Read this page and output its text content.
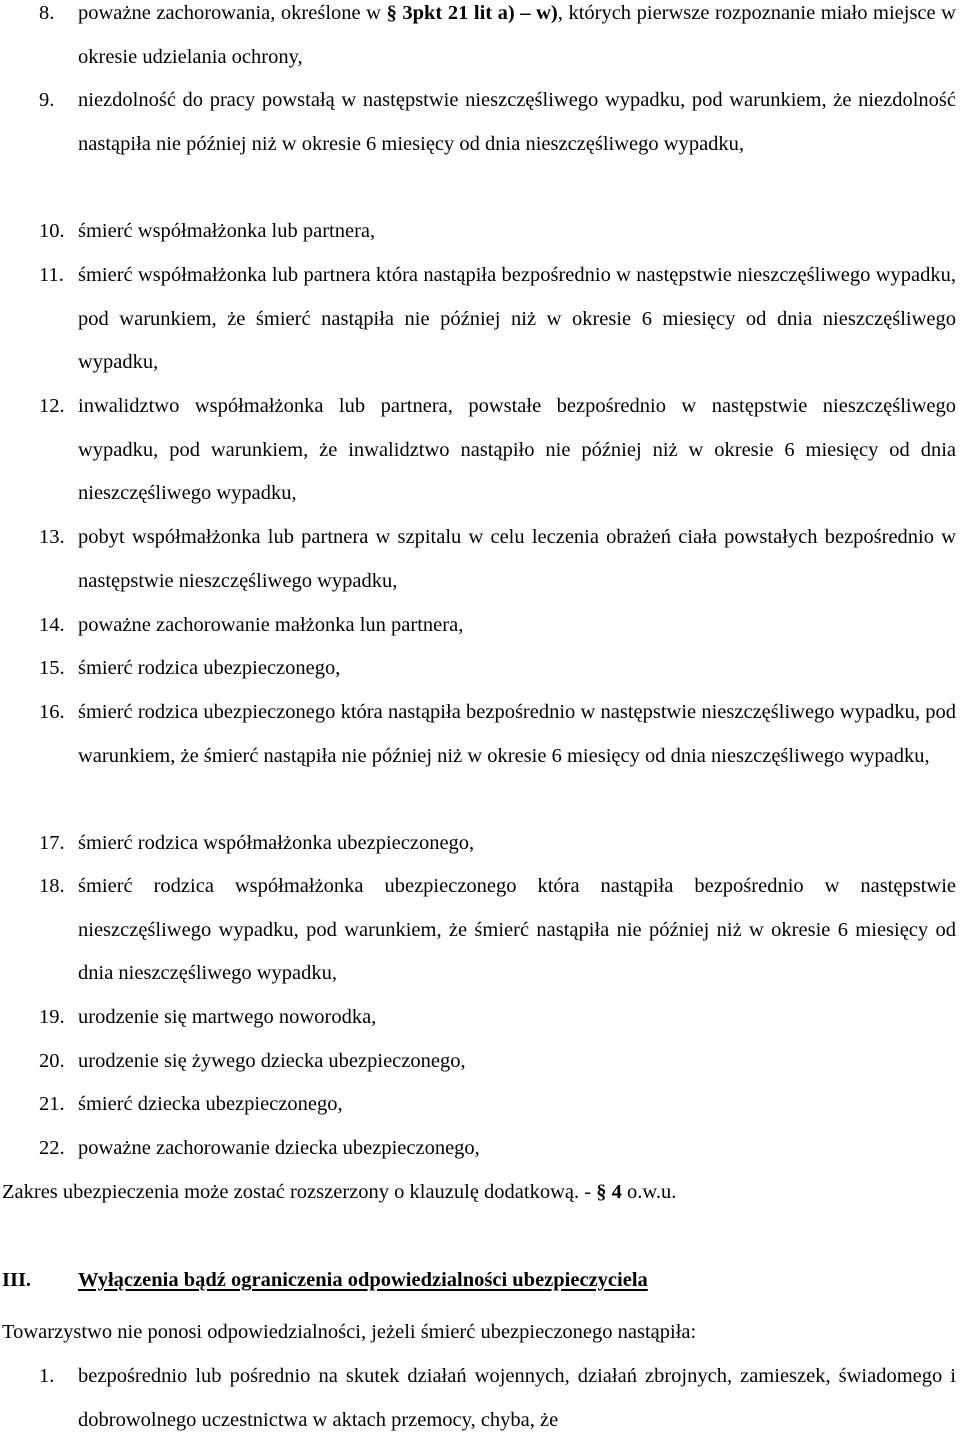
8. poważne zachorowania, określone w § 3pkt 21 lit a) – w), których pierwsze rozpoznanie miało miejsce w okresie udzielania ochrony,
9. niezdolność do pracy powstałą w następstwie nieszczęśliwego wypadku, pod warunkiem, że niezdolność nastąpiła nie później niż w okresie 6 miesięcy od dnia nieszczęśliwego wypadku,
10. śmierć współmałżonka lub partnera,
11. śmierć współmałżonka lub partnera która nastąpiła bezpośrednio w następstwie nieszczęśliwego wypadku, pod warunkiem, że śmierć nastąpiła nie później niż w okresie 6 miesięcy od dnia nieszczęśliwego wypadku,
12. inwalidztwo współmałżonka lub partnera, powstałe bezpośrednio w następstwie nieszczęśliwego wypadku, pod warunkiem, że inwalidztwo nastąpiło nie później niż w okresie 6 miesięcy od dnia nieszczęśliwego wypadku,
13. pobyt współmałżonka lub partnera w szpitalu w celu leczenia obrażeń ciała powstałych bezpośrednio w następstwie nieszczęśliwego wypadku,
14. poważne zachorowanie małżonka lun partnera,
15. śmierć rodzica ubezpieczonego,
16. śmierć rodzica ubezpieczonego która nastąpiła bezpośrednio w następstwie nieszczęśliwego wypadku, pod warunkiem, że śmierć nastąpiła nie później niż w okresie 6 miesięcy od dnia nieszczęśliwego wypadku,
17. śmierć rodzica współmałżonka ubezpieczonego,
18. śmierć rodzica współmałżonka ubezpieczonego która nastąpiła bezpośrednio w następstwie nieszczęśliwego wypadku, pod warunkiem, że śmierć nastąpiła nie później niż w okresie 6 miesięcy od dnia nieszczęśliwego wypadku,
19. urodzenie się martwego noworodka,
20. urodzenie się żywego dziecka ubezpieczonego,
21. śmierć dziecka ubezpieczonego,
22. poważne zachorowanie dziecka ubezpieczonego,
Zakres ubezpieczenia może zostać rozszerzony o klauzulę dodatkową. - § 4 o.w.u.
III. Wyłączenia bądź ograniczenia odpowiedzialności ubezpieczyciela
Towarzystwo nie ponosi odpowiedzialności, jeżeli śmierć ubezpieczonego nastąpiła:
1. bezpośrednio lub pośrednio na skutek działań wojennych, działań zbrojnych, zamieszek, świadomego i dobrowolnego uczestnictwa w aktach przemocy, chyba, że
